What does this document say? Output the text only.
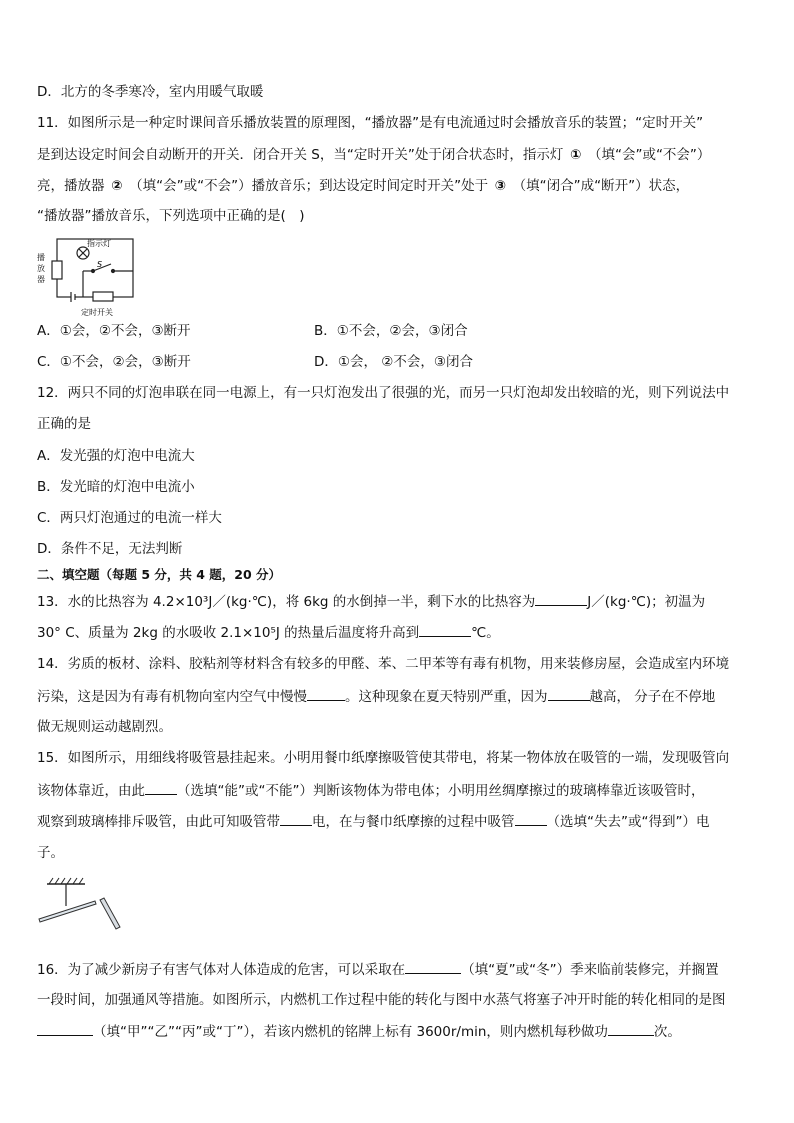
D．北方的冬季寒冷，室内用暖气取暖
11．如图所示是一种定时课间音乐播放装置的原理图，“播放器”是有电流通过时会播放音乐的装置；“定时开关”
是到达设定时间会自动断开的开关．闭合开关 S，当“定时开关”处于闭合状态时，指示灯 ① （填“会”或“不会”）
亮，播放器 ② （填“会”或“不会”）播放音乐；到达设定时间定时开关”处于 ③ （填“闭合”成“断开”）状态，
“播放器”播放音乐，下列选项中正确的是(　)
指示灯
S
定时开关
播放器
A．①会，②不会，③断开	B．①不会，②会，③闭合
C．①不会，②会，③断开	D．①会， ②不会，③闭合
12．两只不同的灯泡串联在同一电源上，有一只灯泡发出了很强的光，而另一只灯泡却发出较暗的光，则下列说法中
正确的是
A．发光强的灯泡中电流大
B．发光暗的灯泡中电流小
C．两只灯泡通过的电流一样大
D．条件不足，无法判断
二、填空题（每题 5 分，共 4 题，20 分）
13．水的比热容为 4.2×10³J／(kg·℃)，将 6kg 的水倒掉一半，剩下水的比热容为	J／(kg·℃)；初温为
30° C、质量为 2kg 的水吸收 2.1×10⁵J 的热量后温度将升高到	℃。
14．劣质的板材、涂料、胶粘剂等材料含有较多的甲醛、苯、二甲苯等有毒有机物，用来装修房屋，会造成室内环境
污染，这是因为有毒有机物向室内空气中慢慢	。这种现象在夏天特别严重，因为	越高， 分子在不停地
做无规则运动越剧烈。
15．如图所示，用细线将吸管悬挂起来。小明用餐巾纸摩擦吸管使其带电，将某一物体放在吸管的一端，发现吸管向
该物体靠近，由此 （选填“能”或“不能”）判断该物体为带电体；小明用丝绸摩擦过的玻璃棒靠近该吸管时，
观察到玻璃棒排斥吸管，由此可知吸管带 电，在与餐巾纸摩擦的过程中吸管 （选填“失去”或“得到”）电
子。
16．为了减少新房子有害气体对人体造成的危害，可以采取在	（填“夏”或“冬”）季来临前装修完，并搁置
一段时间，加强通风等措施。如图所示，内燃机工作过程中能的转化与图中水蒸气将塞子冲开时能的转化相同的是图
（填“甲”“乙”“丙”或“丁”），若该内燃机的铭牌上标有 3600r/min，则内燃机每秒做功	次。
